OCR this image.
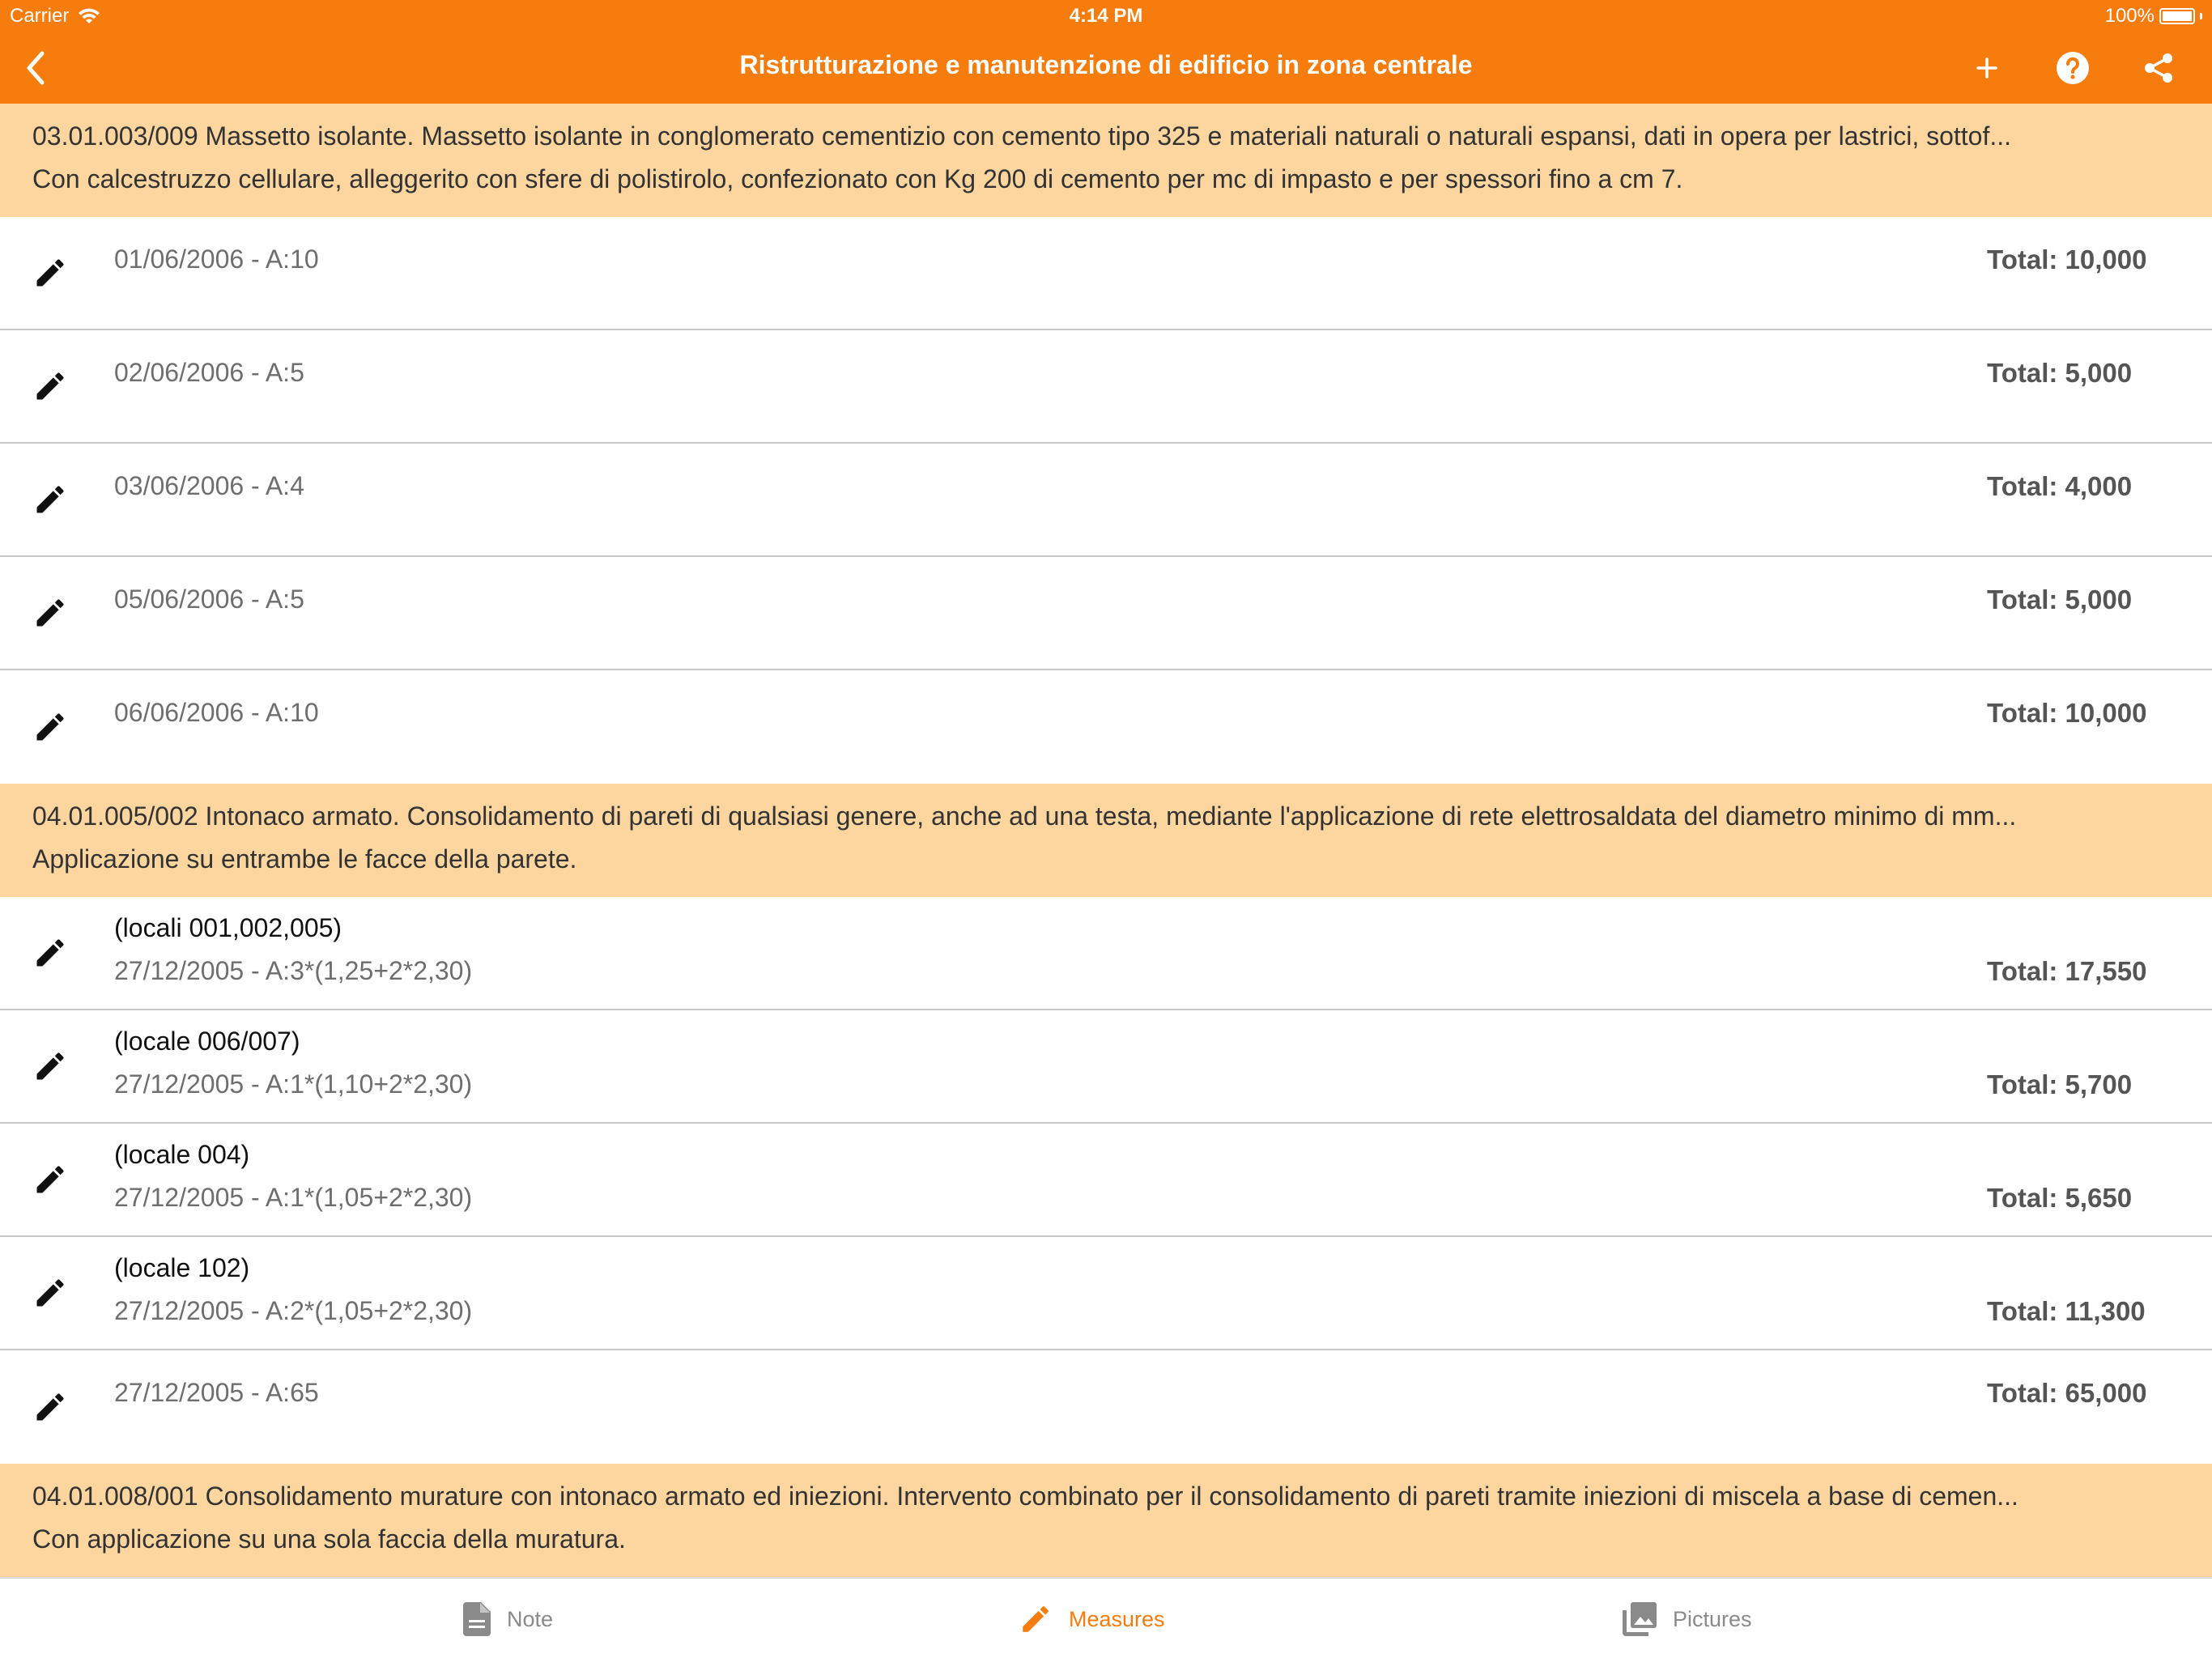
Carrier	4:14 PM	100%
Ristrutturazione e manutenzione di edificio in zona centrale
03.01.003/009 Massetto isolante. Massetto isolante in conglomerato cementizio con cemento tipo 325 e materiali naturali o naturali espansi, dati in opera per lastrici, sottof...
Con calcestruzzo cellulare, alleggerito con sfere di polistirolo, confezionato con Kg 200 di cemento per mc di impasto e per spessori fino a cm 7.
01/06/2006 - A:10	Total: 10,000
02/06/2006 - A:5	Total: 5,000
03/06/2006 - A:4	Total: 4,000
05/06/2006 - A:5	Total: 5,000
06/06/2006 - A:10	Total: 10,000
04.01.005/002 Intonaco armato. Consolidamento di pareti di qualsiasi genere, anche ad una testa, mediante l'applicazione di rete elettrosaldata del diametro minimo di mm...
Applicazione su entrambe le facce della parete.
(locali 001,002,005)
27/12/2005 - A:3*(1,25+2*2,30)	Total: 17,550
(locale 006/007)
27/12/2005 - A:1*(1,10+2*2,30)	Total: 5,700
(locale 004)
27/12/2005 - A:1*(1,05+2*2,30)	Total: 5,650
(locale 102)
27/12/2005 - A:2*(1,05+2*2,30)	Total: 11,300
27/12/2005 - A:65	Total: 65,000
04.01.008/001 Consolidamento murature con intonaco armato ed iniezioni. Intervento combinato per il consolidamento di pareti tramite iniezioni di miscela a base di cemen...
Con applicazione su una sola faccia della muratura.
Note	Measures	Pictures
